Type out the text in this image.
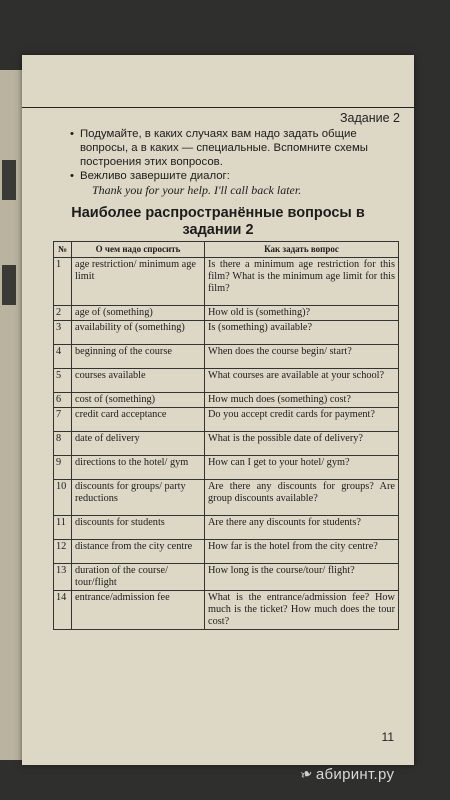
Задание 2
• Подумайте, в каких случаях вам надо задать общие вопросы, а в каких — специальные. Вспомните схемы построения этих вопросов.
• Вежливо завершите диалог:
Thank you for your help. I'll call back later.
Наиболее распространённые вопросы в задании 2
№	О чем надо спросить	Как задать вопрос
1	age restriction/ minimum age limit	Is there a minimum age restriction for this film? What is the minimum age limit for this film?
2	age of (something)	How old is (something)?
3	availability of (something)	Is (something) available?
4	beginning of the course	When does the course begin/ start?
5	courses available	What courses are available at your school?
6	cost of (something)	How much does (something) cost?
7	credit card acceptance	Do you accept credit cards for payment?
8	date of delivery	What is the possible date of delivery?
9	directions to the hotel/ gym	How can I get to your hotel/ gym?
10	discounts for groups/ party reductions	Are there any discounts for groups? Are group discounts available?
11	discounts for students	Are there any discounts for students?
12	distance from the city centre	How far is the hotel from the city centre?
13	duration of the course/ tour/flight	How long is the course/tour/ flight?
14	entrance/admission fee	What is the entrance/admission fee? How much is the ticket? How much does the tour cost?
11
❧абиринт.ру
